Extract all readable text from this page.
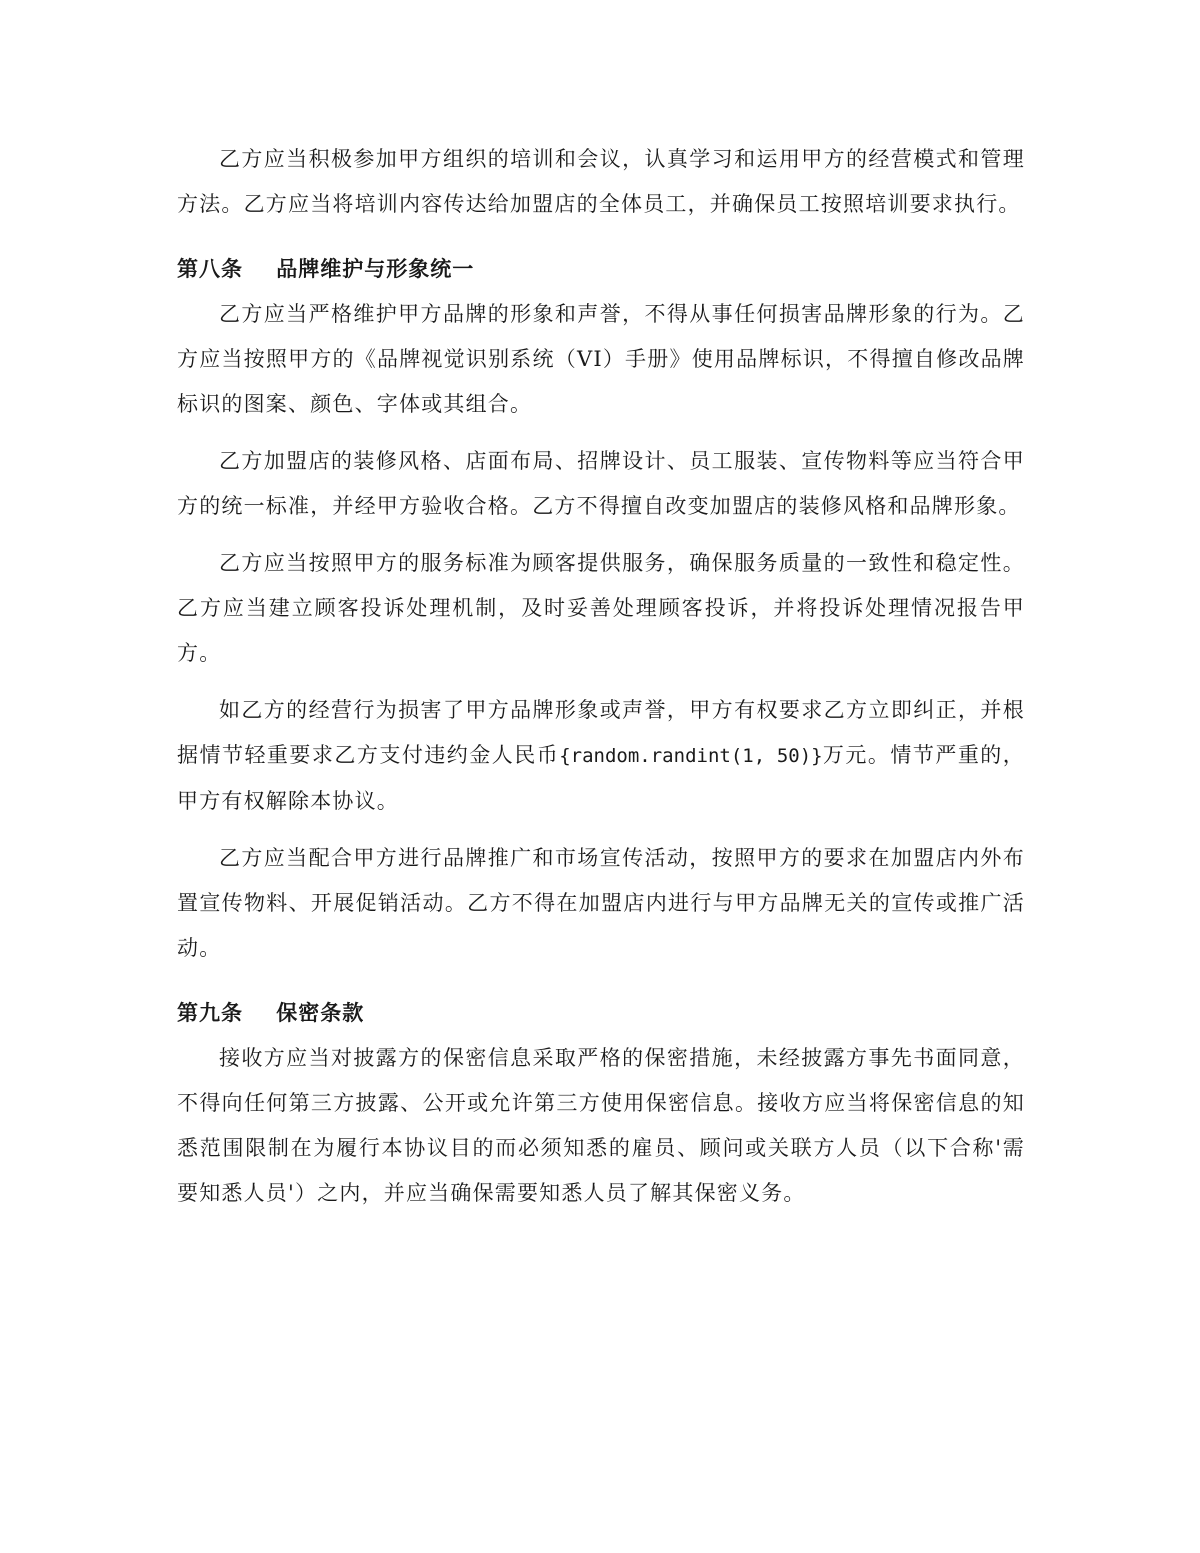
乙方应当积极参加甲方组织的培训和会议，认真学习和运用甲方的经营模式和管理方法。乙方应当将培训内容传达给加盟店的全体员工，并确保员工按照培训要求执行。

第八条    品牌维护与形象统一

乙方应当严格维护甲方品牌的形象和声誉，不得从事任何损害品牌形象的行为。乙方应当按照甲方的《品牌视觉识别系统（VI）手册》使用品牌标识，不得擅自修改品牌标识的图案、颜色、字体或其组合。

乙方加盟店的装修风格、店面布局、招牌设计、员工服装、宣传物料等应当符合甲方的统一标准，并经甲方验收合格。乙方不得擅自改变加盟店的装修风格和品牌形象。

乙方应当按照甲方的服务标准为顾客提供服务，确保服务质量的一致性和稳定性。乙方应当建立顾客投诉处理机制，及时妥善处理顾客投诉，并将投诉处理情况报告甲方。

如乙方的经营行为损害了甲方品牌形象或声誉，甲方有权要求乙方立即纠正，并根据情节轻重要求乙方支付违约金人民币{random.randint(1, 50)}万元。情节严重的，甲方有权解除本协议。

乙方应当配合甲方进行品牌推广和市场宣传活动，按照甲方的要求在加盟店内外布置宣传物料、开展促销活动。乙方不得在加盟店内进行与甲方品牌无关的宣传或推广活动。

第九条    保密条款

接收方应当对披露方的保密信息采取严格的保密措施，未经披露方事先书面同意，不得向任何第三方披露、公开或允许第三方使用保密信息。接收方应当将保密信息的知悉范围限制在为履行本协议目的而必须知悉的雇员、顾问或关联方人员（以下合称'需要知悉人员'）之内，并应当确保需要知悉人员了解其保密义务。
